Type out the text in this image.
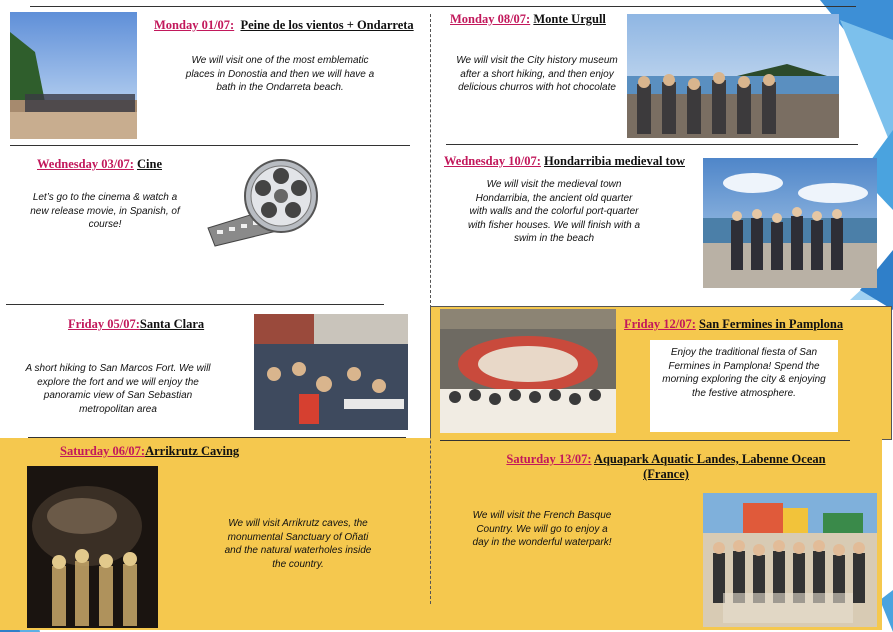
Monday 01/07: Peine de los vientos + Ondarreta
We will visit one of the most emblematic places in Donostia and then we will have a bath in the Ondarreta beach.
Wednesday 03/07: Cine
Let’s go to the cinema & watch a new release movie, in Spanish, of course!
Friday 05/07:Santa Clara
A short hiking to San Marcos Fort. We will explore the fort and we will enjoy the panoramic view of San Sebastian metropolitan area
Saturday 06/07:Arrikrutz Caving
We will visit Arrikrutz caves, the monumental Sanctuary of Oñati and the natural waterholes inside the country.
Monday 08/07: Monte Urgull
We will visit the City history museum after a short hiking, and then enjoy delicious churros with hot chocolate
Wednesday 10/07: Hondarribia medieval tow
We will visit the medieval town Hondarribia, the ancient old quarter with walls and the colorful port-quarter with fisher houses. We will finish with a swim in the beach
Friday 12/07: San Fermines in Pamplona
Enjoy the traditional fiesta of San Fermines in Pamplona! Spend the morning exploring the city & enjoying the festive atmosphere.
Saturday 13/07: Aquapark Aquatic Landes, Labenne Ocean (France)
We will visit the French Basque Country. We will go to enjoy a day in the wonderful waterpark!
